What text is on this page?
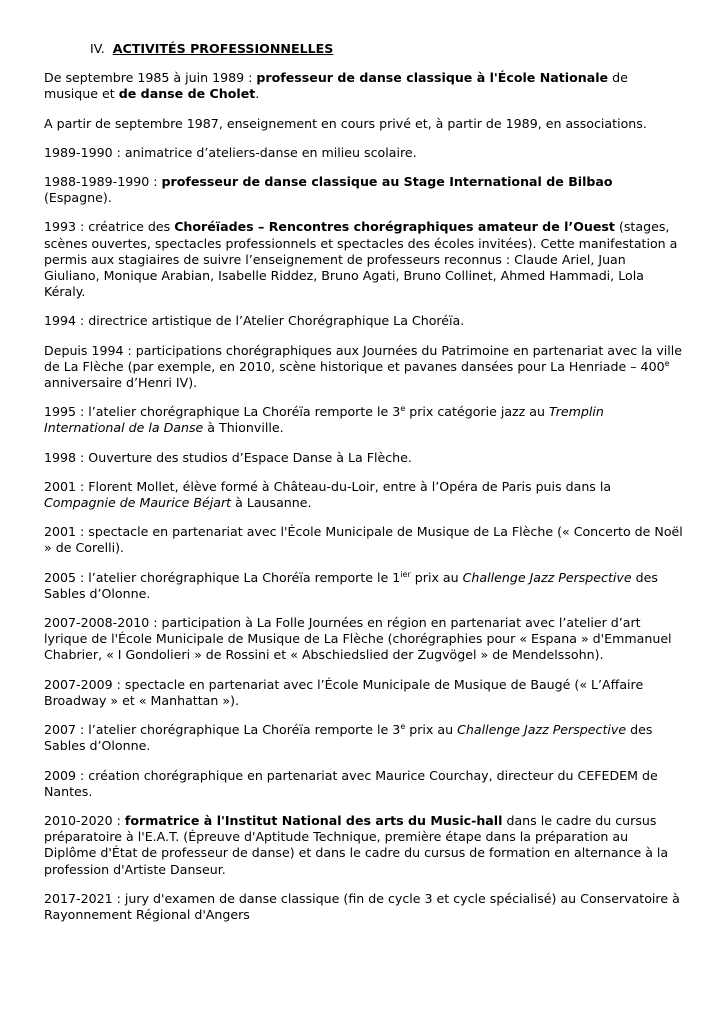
IV. ACTIVITÉS PROFESSIONNELLES

De septembre 1985 à juin 1989 : professeur de danse classique à l'École Nationale de musique et de danse de Cholet.

A partir de septembre 1987, enseignement en cours privé et, à partir de 1989, en associations.

1989-1990 : animatrice d’ateliers-danse en milieu scolaire.

1988-1989-1990 : professeur de danse classique au Stage International de Bilbao (Espagne).

1993 : créatrice des Choréïades – Rencontres chorégraphiques amateur de l’Ouest (stages, scènes ouvertes, spectacles professionnels et spectacles des écoles invitées). Cette manifestation a permis aux stagiaires de suivre l’enseignement de professeurs reconnus : Claude Ariel, Juan Giuliano, Monique Arabian, Isabelle Riddez, Bruno Agati, Bruno Collinet, Ahmed Hammadi, Lola Kéraly.

1994 : directrice artistique de l’Atelier Chorégraphique La Choréïa.

Depuis 1994 : participations chorégraphiques aux Journées du Patrimoine en partenariat avec la ville de La Flèche (par exemple, en 2010, scène historique et pavanes dansées pour La Henriade – 400e anniversaire d’Henri IV).

1995 : l’atelier chorégraphique La Choréïa remporte le 3e prix catégorie jazz au Tremplin International de la Danse à Thionville.

1998 : Ouverture des studios d’Espace Danse à La Flèche.

2001 : Florent Mollet, élève formé à Château-du-Loir, entre à l’Opéra de Paris puis dans la Compagnie de Maurice Béjart à Lausanne.

2001 : spectacle en partenariat avec l'École Municipale de Musique de La Flèche (« Concerto de Noël » de Corelli).

2005 : l’atelier chorégraphique La Choréïa remporte le $1^{ier}$ prix au Challenge Jazz Perspective des Sables d’Olonne.

2007-2008-2010 : participation à La Folle Journées en région en partenariat avec l’atelier d’art lyrique de l'École Municipale de Musique de La Flèche (chorégraphies pour « Espana » d'Emmanuel Chabrier, « I Gondolieri » de Rossini et « Abschiedslied der Zugvögel » de Mendelssohn).

2007-2009 : spectacle en partenariat avec l’École Municipale de Musique de Baugé (« L’Affaire Broadway » et « Manhattan »).

2007 : l’atelier chorégraphique La Choréïa remporte le 3e prix au Challenge Jazz Perspective des Sables d’Olonne.

2009 : création chorégraphique en partenariat avec Maurice Courchay, directeur du CEFEDEM de Nantes.

2010-2020 : formatrice à l'Institut National des arts du Music-hall dans le cadre du cursus préparatoire à l'E.A.T. (Épreuve d'Aptitude Technique, première étape dans la préparation au Diplôme d'État de professeur de danse) et dans le cadre du cursus de formation en alternance à la profession d'Artiste Danseur.

2017-2021 : jury d'examen de danse classique (fin de cycle 3 et cycle spécialisé) au Conservatoire à Rayonnement Régional d'Angers
